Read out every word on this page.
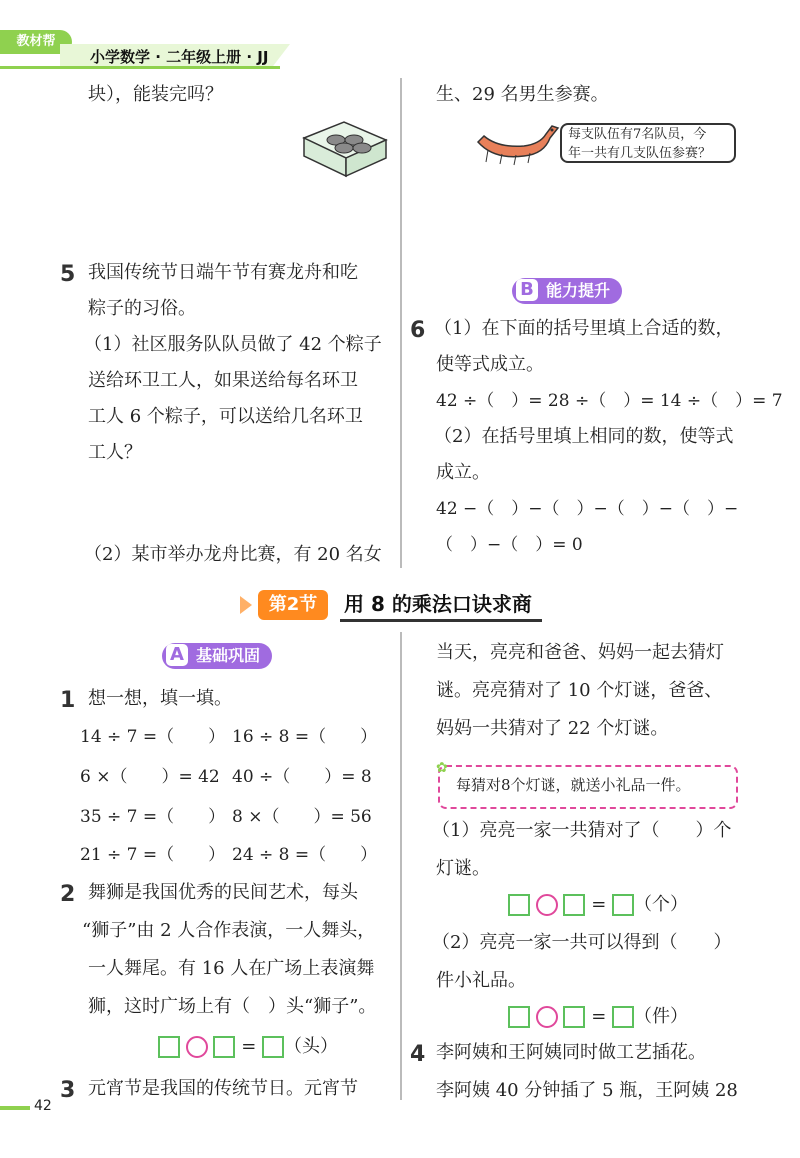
教材帮
小学数学 · 二年级上册 · JJ
块），能装完吗？	生、29 名男生参赛。
每支队伍有7名队员，今
年一共有几支队伍参赛？
5 我国传统节日端午节有赛龙舟和吃
粽子的习俗。
（1）社区服务队队员做了 42 个粽子
送给环卫工人，如果送给每名环卫
工人 6 个粽子，可以送给几名环卫
工人？
（2）某市举办龙舟比赛，有 20 名女
B 能力提升
6 （1）在下面的括号里填上合适的数，
使等式成立。
42 ÷（　）= 28 ÷（　）= 14 ÷（　）= 7
（2）在括号里填上相同的数，使等式
成立。
42 −（　）−（　）−（　）−（　）−
（　）−（　）= 0
第2节	用 8 的乘法口诀求商
A 基础巩固
1 想一想，填一填。
14 ÷ 7 =（　　） 16 ÷ 8 =（　　）
6 ×（　　）= 42 40 ÷（　　）= 8
35 ÷ 7 =（　　） 8 ×（　　）= 56
21 ÷ 7 =（　　） 24 ÷ 8 =（　　）
2 舞狮是我国优秀的民间艺术，每头
“狮子”由 2 人合作表演，一人舞头，
一人舞尾。有 16 人在广场上表演舞
狮，这时广场上有（　）头“狮子”。
= （头）
3 元宵节是我国的传统节日。元宵节
当天，亮亮和爸爸、妈妈一起去猜灯
谜。亮亮猜对了 10 个灯谜，爸爸、
妈妈一共猜对了 22 个灯谜。
✿
每猜对8个灯谜，就送小礼品一件。
（1）亮亮一家一共猜对了（　　）个
灯谜。
= （个）
（2）亮亮一家一共可以得到（　　）
件小礼品。
= （件）
4 李阿姨和王阿姨同时做工艺插花。
李阿姨 40 分钟插了 5 瓶，王阿姨 28
42
